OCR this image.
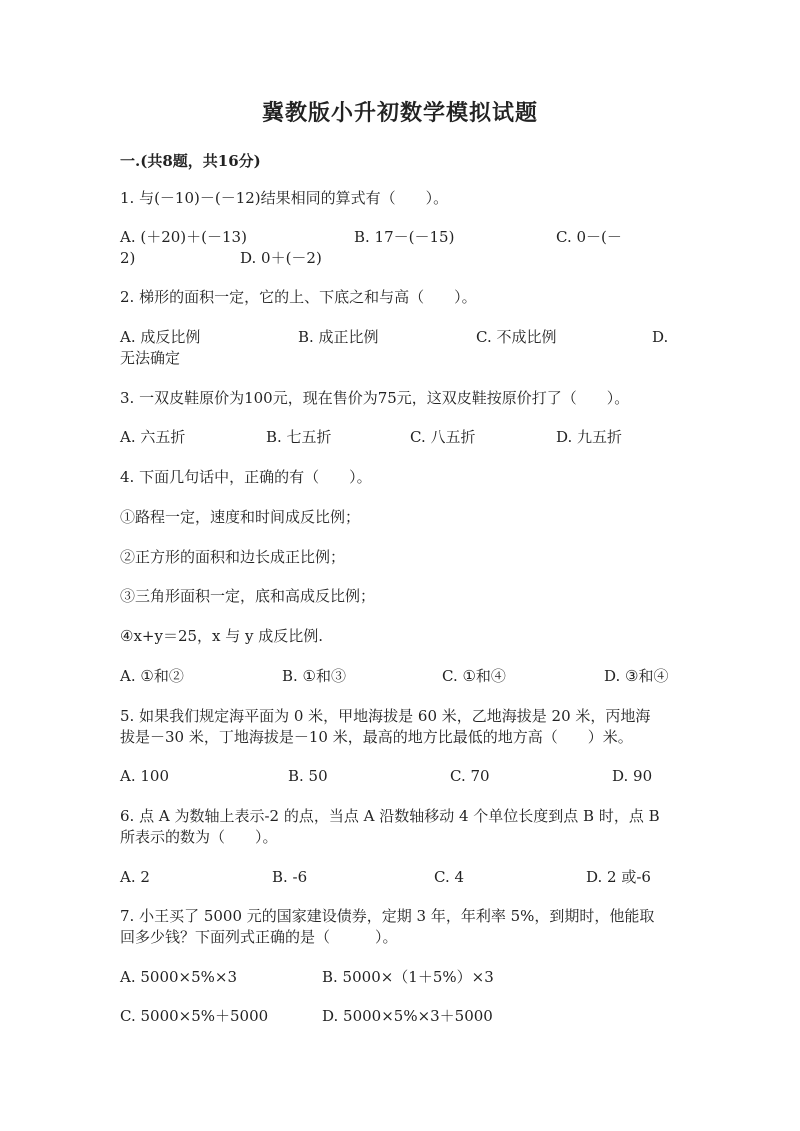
冀教版小升初数学模拟试题
一.(共8题，共16分)
1. 与(－10)－(－12)结果相同的算式有（　　）。
A. (＋20)＋(－13)	B. 17－(－15)	C. 0－(－
2)	D. 0＋(－2)
2. 梯形的面积一定，它的上、下底之和与高（　　）。
A. 成反比例	B. 成正比例	C. 不成比例	D.
无法确定
3. 一双皮鞋原价为100元，现在售价为75元，这双皮鞋按原价打了（　　）。
A. 六五折	B. 七五折	C. 八五折	D. 九五折
4. 下面几句话中，正确的有（　　）。
①路程一定，速度和时间成反比例；
②正方形的面积和边长成正比例；
③三角形面积一定，底和高成反比例；
④x+y＝25，x 与 y 成反比例.
A. ①和②	B. ①和③	C. ①和④	D. ③和④
5. 如果我们规定海平面为 0 米，甲地海拔是 60 米，乙地海拔是 20 米，丙地海
拔是－30 米，丁地海拔是－10 米，最高的地方比最低的地方高（　　）米。
A. 100	B. 50	C. 70	D. 90
6. 点 A 为数轴上表示-2 的点，当点 A 沿数轴移动 4 个单位长度到点 B 时，点 B
所表示的数为（　　）。
A. 2	B. -6	C. 4	D. 2 或-6
7. 小王买了 5000 元的国家建设债券，定期 3 年，年利率 5%，到期时，他能取
回多少钱？下面列式正确的是（　　　）。
A. 5000×5%×3	B. 5000×（1＋5%）×3
C. 5000×5%＋5000	D. 5000×5%×3＋5000
